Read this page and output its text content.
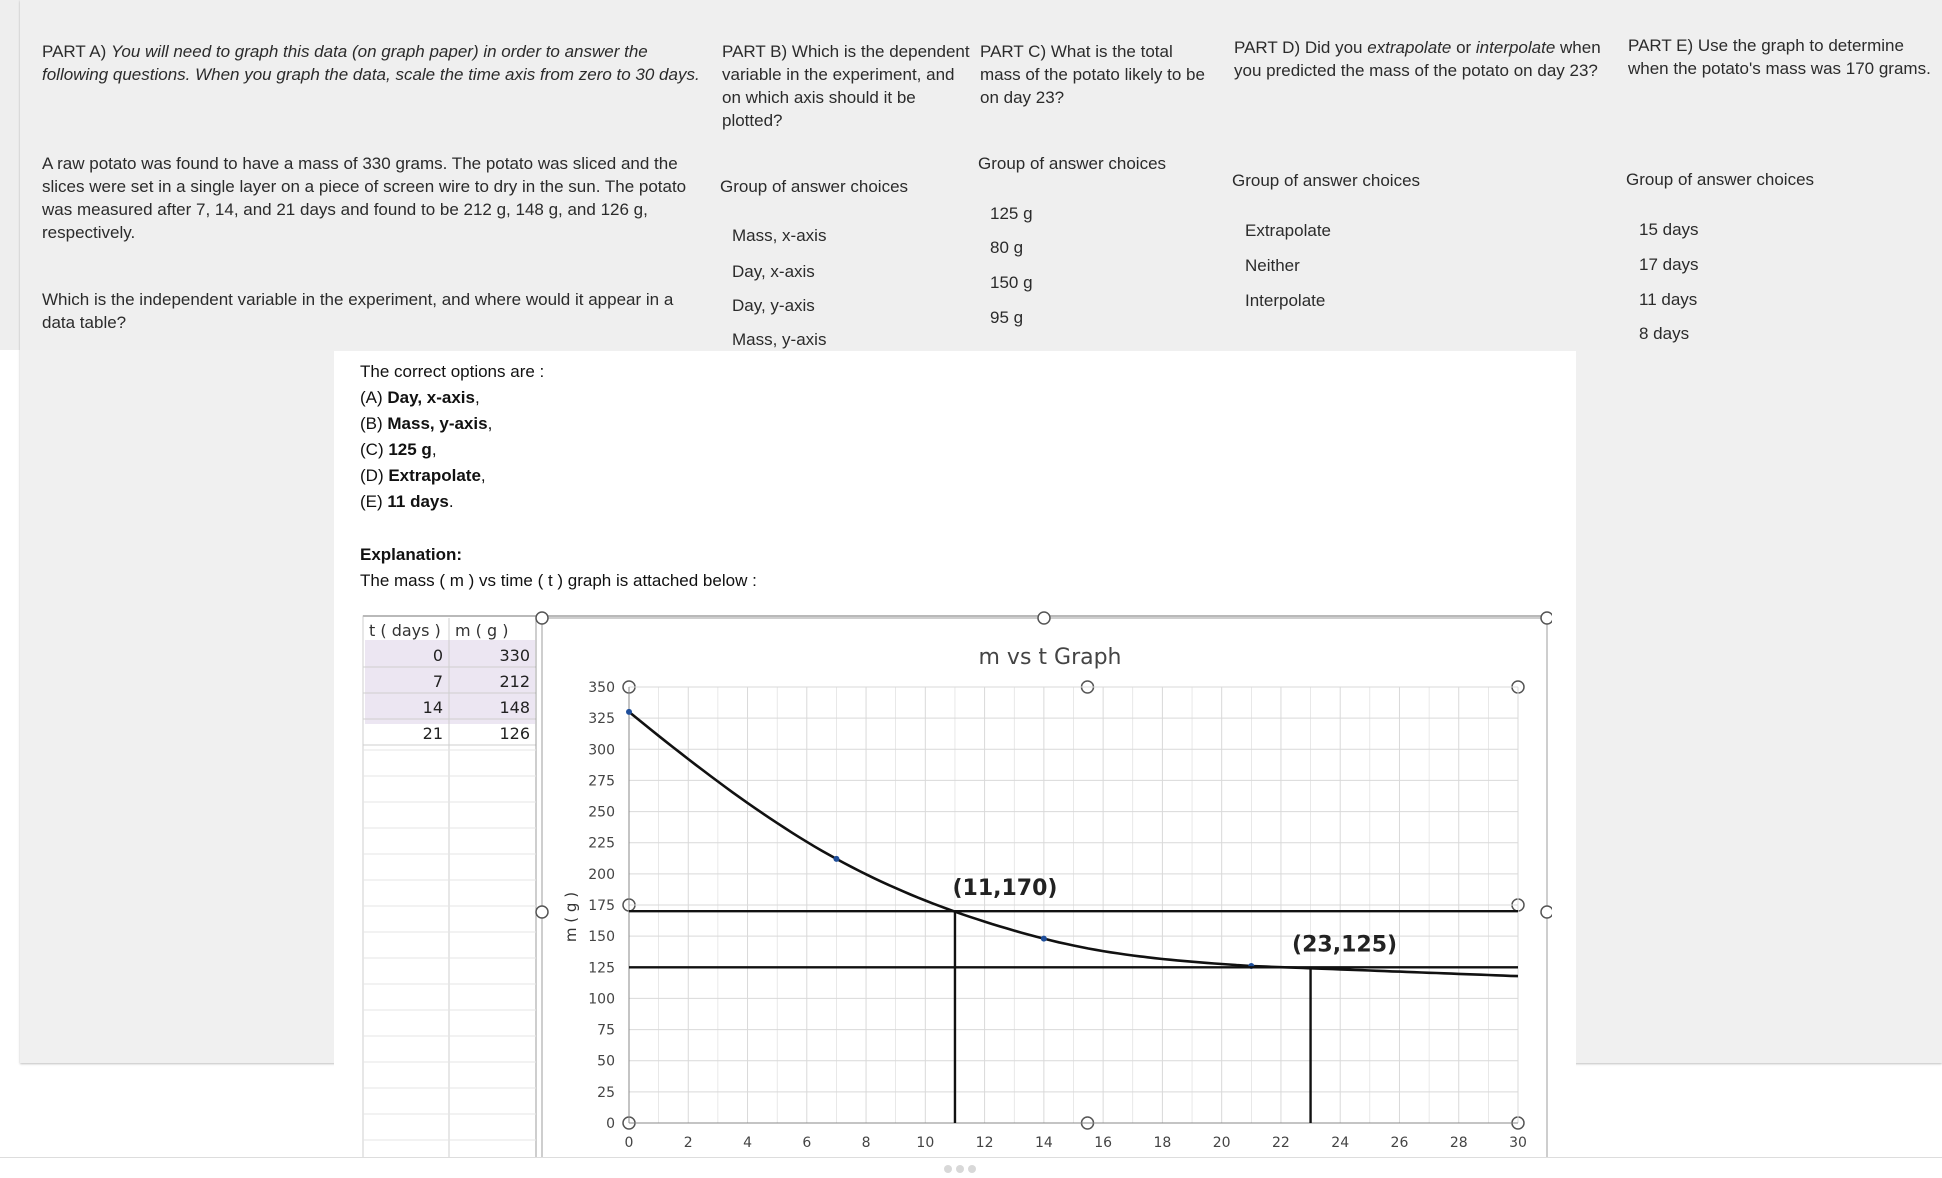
PART A) You will need to graph this data (on graph paper) in order to answer the following questions. When you graph the data, scale the time axis from zero to 30 days.
A raw potato was found to have a mass of 330 grams. The potato was sliced and the slices were set in a single layer on a piece of screen wire to dry in the sun. The potato was measured after 7, 14, and 21 days and found to be 212 g, 148 g, and 126 g, respectively.
Which is the independent variable in the experiment, and where would it appear in a data table?
PART B) Which is the dependent variable in the experiment, and on which axis should it be plotted?
Group of answer choices
Mass, x-axis
Day, x-axis
Day, y-axis
Mass, y-axis
PART C) What is the total mass of the potato likely to be on day 23?
Group of answer choices
125 g
80 g
150 g
95 g
PART D) Did you extrapolate or interpolate when you predicted the mass of the potato on day 23?
Group of answer choices
Extrapolate
Neither
Interpolate
PART E) Use the graph to determine when the potato's mass was 170 grams.
Group of answer choices
15 days
17 days
11 days
8 days
The correct options are :
(A) Day, x-axis,
(B) Mass, y-axis,
(C) 125 g,
(D) Extrapolate,
(E) 11 days.
Explanation:
The mass ( m ) vs time ( t ) graph is attached below :
t ( days ) m ( g )
0	330
7	212
14	148
21	126
0	2	4	6	8	10	12	14	16	18	20	22	24	26	28	30
0
25
50
75
100
125
150
175
200
225
250
275
300
325
350
(11,170)
(23,125)
m vs t Graph
m ( g )
